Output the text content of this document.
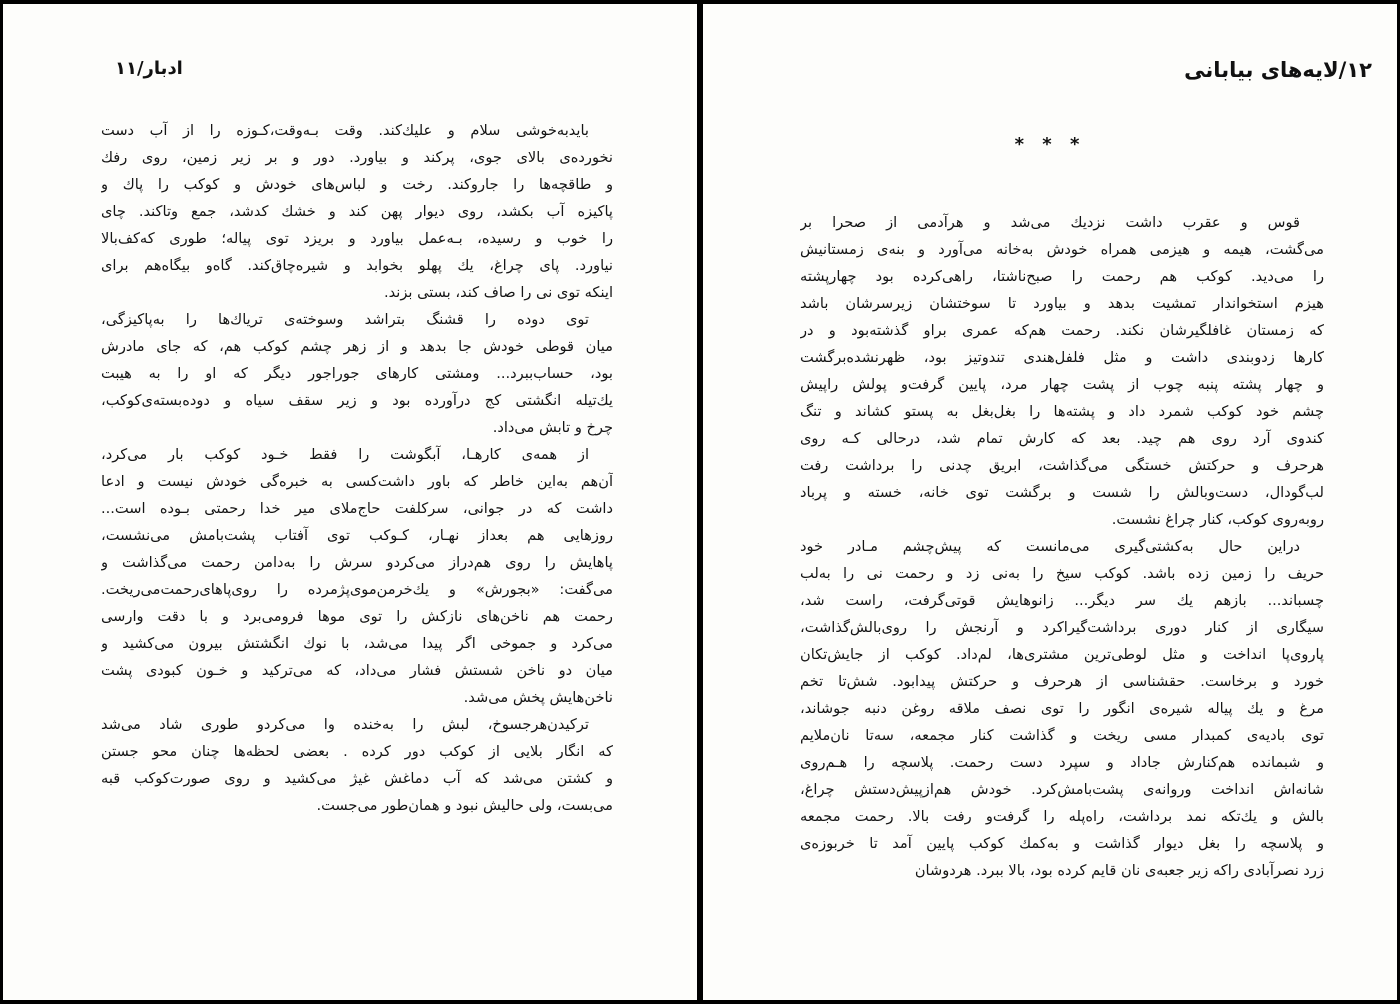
ادبار/۱۱
بایدبه‌خوشی سلام و علیك‌کند. وقت بـه‌وقت،کـوزه را از آب دست
نخورده‌ی بالای جوی، پرکند و بیاورد. دور و بر زیر زمین، روی رفك
و طاقچه‌ها را جاروکند. رخت و لباس‌های خودش و کوکب را پاك و
پاکیزه آب بکشد، روی دیوار پهن کند و خشك کدشد، جمع وتاکند. چای
را خوب و رسیده، بـه‌عمل بیاورد و بریزد توی پیاله؛ طوری که‌کف‌بالا
نیاورد. پای چراغ، یك پهلو بخوابد و شیره‌چاق‌کند. گاه‌و بیگاه‌هم برای
اینکه توی نی را صاف کند، بستی بزند.
توی دوده را قشنگ بتراشد وسوخته‌ی تریاك‌ها را به‌پاکیزگی،
میان قوطی خودش جا بدهد و از زهر چشم کوکب هم، که جای مادرش
بود، حساب‌ببرد... ومشتی کارهای جوراجور دیگر که او را به هیبت
یك‌تیله انگشتی کج درآورده بود و زیر سقف سیاه و دوده‌بسته‌ی‌کوکب،
چرخ و تابش می‌داد.
از همه‌ی کارهـا، آبگوشت را فقط خـود کوکب بار می‌کرد،
آن‌هم به‌این خاطر که باور داشت‌کسی به خبره‌گی خودش نیست و ادعا
داشت که در جوانی، سرکلفت حاج‌ملای میر خدا رحمتی بـوده است...
روزهایی هم بعداز نهـار، کـوکب توی آفتاب پشت‌بامش می‌نشست،
پاهایش را روی هم‌دراز می‌کردو سرش را به‌دامن رحمت می‌گذاشت و
می‌گفت: «بجورش» و یك‌خرمن‌موی‌پژمرده را روی‌پاهای‌رحمت‌می‌ریخت.
رحمت هم ناخن‌های نازکش را توی موها فرومی‌برد و با دقت وارسی
می‌کرد و جموخی اگر پیدا می‌شد، با نوك انگشتش بیرون می‌کشید و
میان دو ناخن شستش فشار می‌داد، که می‌ترکید و خـون کبودی پشت
ناخن‌هایش پخش می‌شد.
ترکیدن‌هرجسوخ، لبش را به‌خنده وا می‌کردو طوری شاد می‌شد
که انگار بلایی از کوکب دور کرده . بعضی لحظه‌ها چنان محو جستن
و کشتن می‌شد که آب دماغش غیژ می‌کشید و روی صورت‌کوکب قبه
می‌بست، ولی حالیش نبود و همان‌طور می‌جست.
۱۲/لایه‌های بیابانی
* * *
قوس و عقرب داشت نزدیك می‌شد و هرآدمی از صحرا بر
می‌گشت، هیمه و هیزمی همراه خودش به‌خانه می‌آورد و بنه‌ی زمستانیش
را می‌دید. کوکب هم رحمت را صبح‌ناشتا، راهی‌کرده بود چهارپشته
هیزم استخواندار تمشیت بدهد و بیاورد تا سوختشان زیرسرشان باشد
که زمستان غافلگیرشان نکند. رحمت هم‌که عمری براو گذشته‌بود و در
کارها زدوبندی داشت و مثل فلفل‌هندی تندوتیز بود، ظهرنشده‌برگشت
و چهار پشته پنبه چوب از پشت چهار مرد، پایین گرفت‌و پولش راپیش
چشم خود کوکب شمرد داد و پشته‌ها را بغل‌بغل به پستو کشاند و تنگ
کندوی آرد روی هم چید. بعد که کارش تمام شد، درحالی کـه روی
هرحرف و حرکتش خستگی می‌گذاشت، ابریق چدنی را برداشت رفت
لب‌گودال، دست‌وبالش را شست و برگشت توی خانه، خسته و پرباد
روبه‌روی کوکب، کنار چراغ نشست.
دراین حال به‌کشتی‌گیری می‌مانست که پیش‌چشم مـادر خود
حریف را زمین زده باشد. کوکب سیخ را به‌نی زد و رحمت نی را به‌لب
چسباند... بازهم یك سر دیگر... زانوهایش قوتی‌گرفت، راست شد،
سیگاری از کنار دوری برداشت‌گیراکرد و آرنجش را روی‌بالش‌گذاشت،
پاروی‌پا انداخت و مثل لوطی‌ترین مشتری‌ها، لم‌داد. کوکب از جایش‌تکان
خورد و برخاست. حقشناسی از هرحرف و حرکتش پیدابود. شش‌تا تخم
مرغ و یك پیاله شیره‌ی انگور را توی نصف ملاقه روغن دنبه جوشاند،
توی بادیه‌ی کمبدار مسی ریخت و گذاشت کنار مجمعه، سه‌تا نان‌ملایم
و شبمانده هم‌کنارش جاداد و سپرد دست رحمت. پلاسچه را هـم‌روی
شانه‌اش انداخت وروانه‌ی پشت‌بامش‌کرد. خودش هم‌ازپیش‌دستش چراغ،
بالش و یك‌تکه نمد برداشت، راه‌پله را گرفت‌و رفت بالا. رحمت مجمعه
و پلاسچه را بغل دیوار گذاشت و به‌کمك کوکب پایین آمد تا خربوزه‌ی
زرد نصرآبادی راکه زیر جعبه‌ی نان قایم کرده بود، بالا ببرد. هردوشان
